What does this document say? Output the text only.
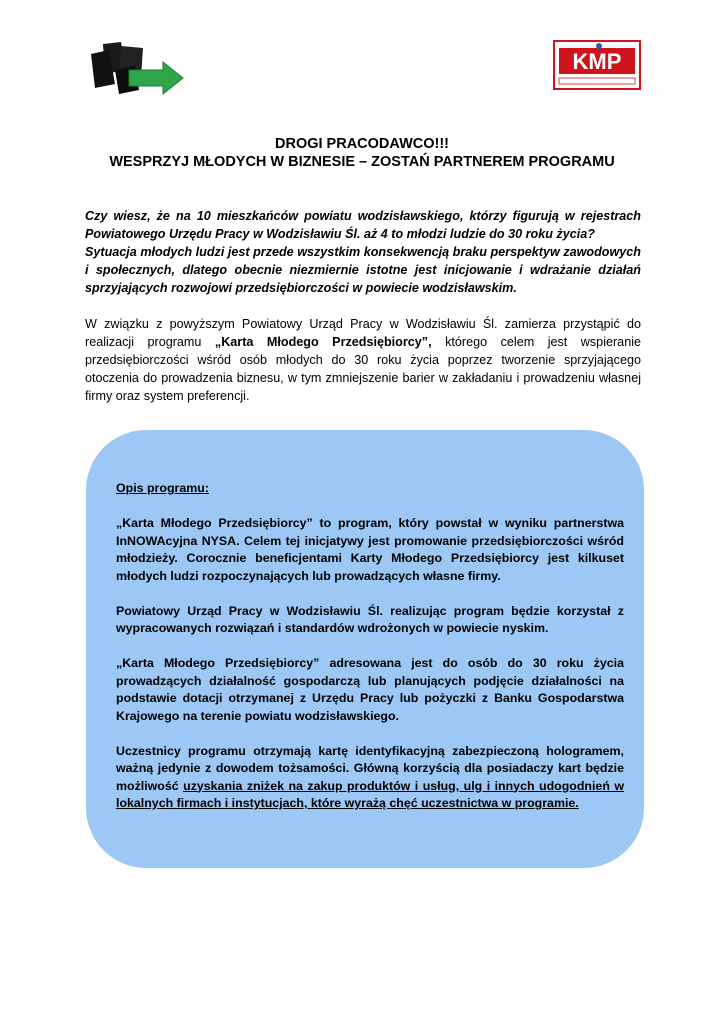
KMP
DROGI PRACODAWCO!!!
WESPRZYJ MŁODYCH W BIZNESIE – ZOSTAŃ PARTNEREM PROGRAMU

Czy wiesz, że na 10 mieszkańców powiatu wodzisławskiego, którzy figurują w rejestrach Powiatowego Urzędu Pracy w Wodzisławiu Śl. aż 4 to młodzi ludzie do 30 roku życia?

Sytuacja młodych ludzi jest przede wszystkim konsekwencją braku perspektyw zawodowych i społecznych, dlatego obecnie niezmiernie istotne jest inicjowanie i wdrażanie działań sprzyjających rozwojowi przedsiębiorczości w powiecie wodzisławskim.

W związku z powyższym Powiatowy Urząd Pracy w Wodzisławiu Śl. zamierza przystąpić do realizacji programu „Karta Młodego Przedsiębiorcy”, którego celem jest wspieranie przedsiębiorczości wśród osób młodych do 30 roku życia poprzez tworzenie sprzyjającego otoczenia do prowadzenia biznesu, w tym zmniejszenie barier w zakładaniu i prowadzeniu własnej firmy oraz system preferencji.

Opis programu:

„Karta Młodego Przedsiębiorcy” to program, który powstał w wyniku partnerstwa InNOWAcyjna NYSA. Celem tej inicjatywy jest promowanie przedsiębiorczości wśród młodzieży. Corocznie beneficjentami Karty Młodego Przedsiębiorcy jest kilkuset młodych ludzi rozpoczynających lub prowadzących własne firmy.

Powiatowy Urząd Pracy w Wodzisławiu Śl. realizując program będzie korzystał z wypracowanych rozwiązań i standardów wdrożonych w powiecie nyskim.

„Karta Młodego Przedsiębiorcy” adresowana jest do osób do 30 roku życia prowadzących działalność gospodarczą lub planujących podjęcie działalności na podstawie dotacji otrzymanej z Urzędu Pracy lub pożyczki z Banku Gospodarstwa Krajowego na terenie powiatu wodzisławskiego.

Uczestnicy programu otrzymają kartę identyfikacyjną zabezpieczoną hologramem, ważną jedynie z dowodem tożsamości. Główną korzyścią dla posiadaczy kart będzie możliwość uzyskania zniżek na zakup produktów i usług, ulg i innych udogodnień w lokalnych firmach i instytucjach, które wyrażą chęć uczestnictwa w programie.
